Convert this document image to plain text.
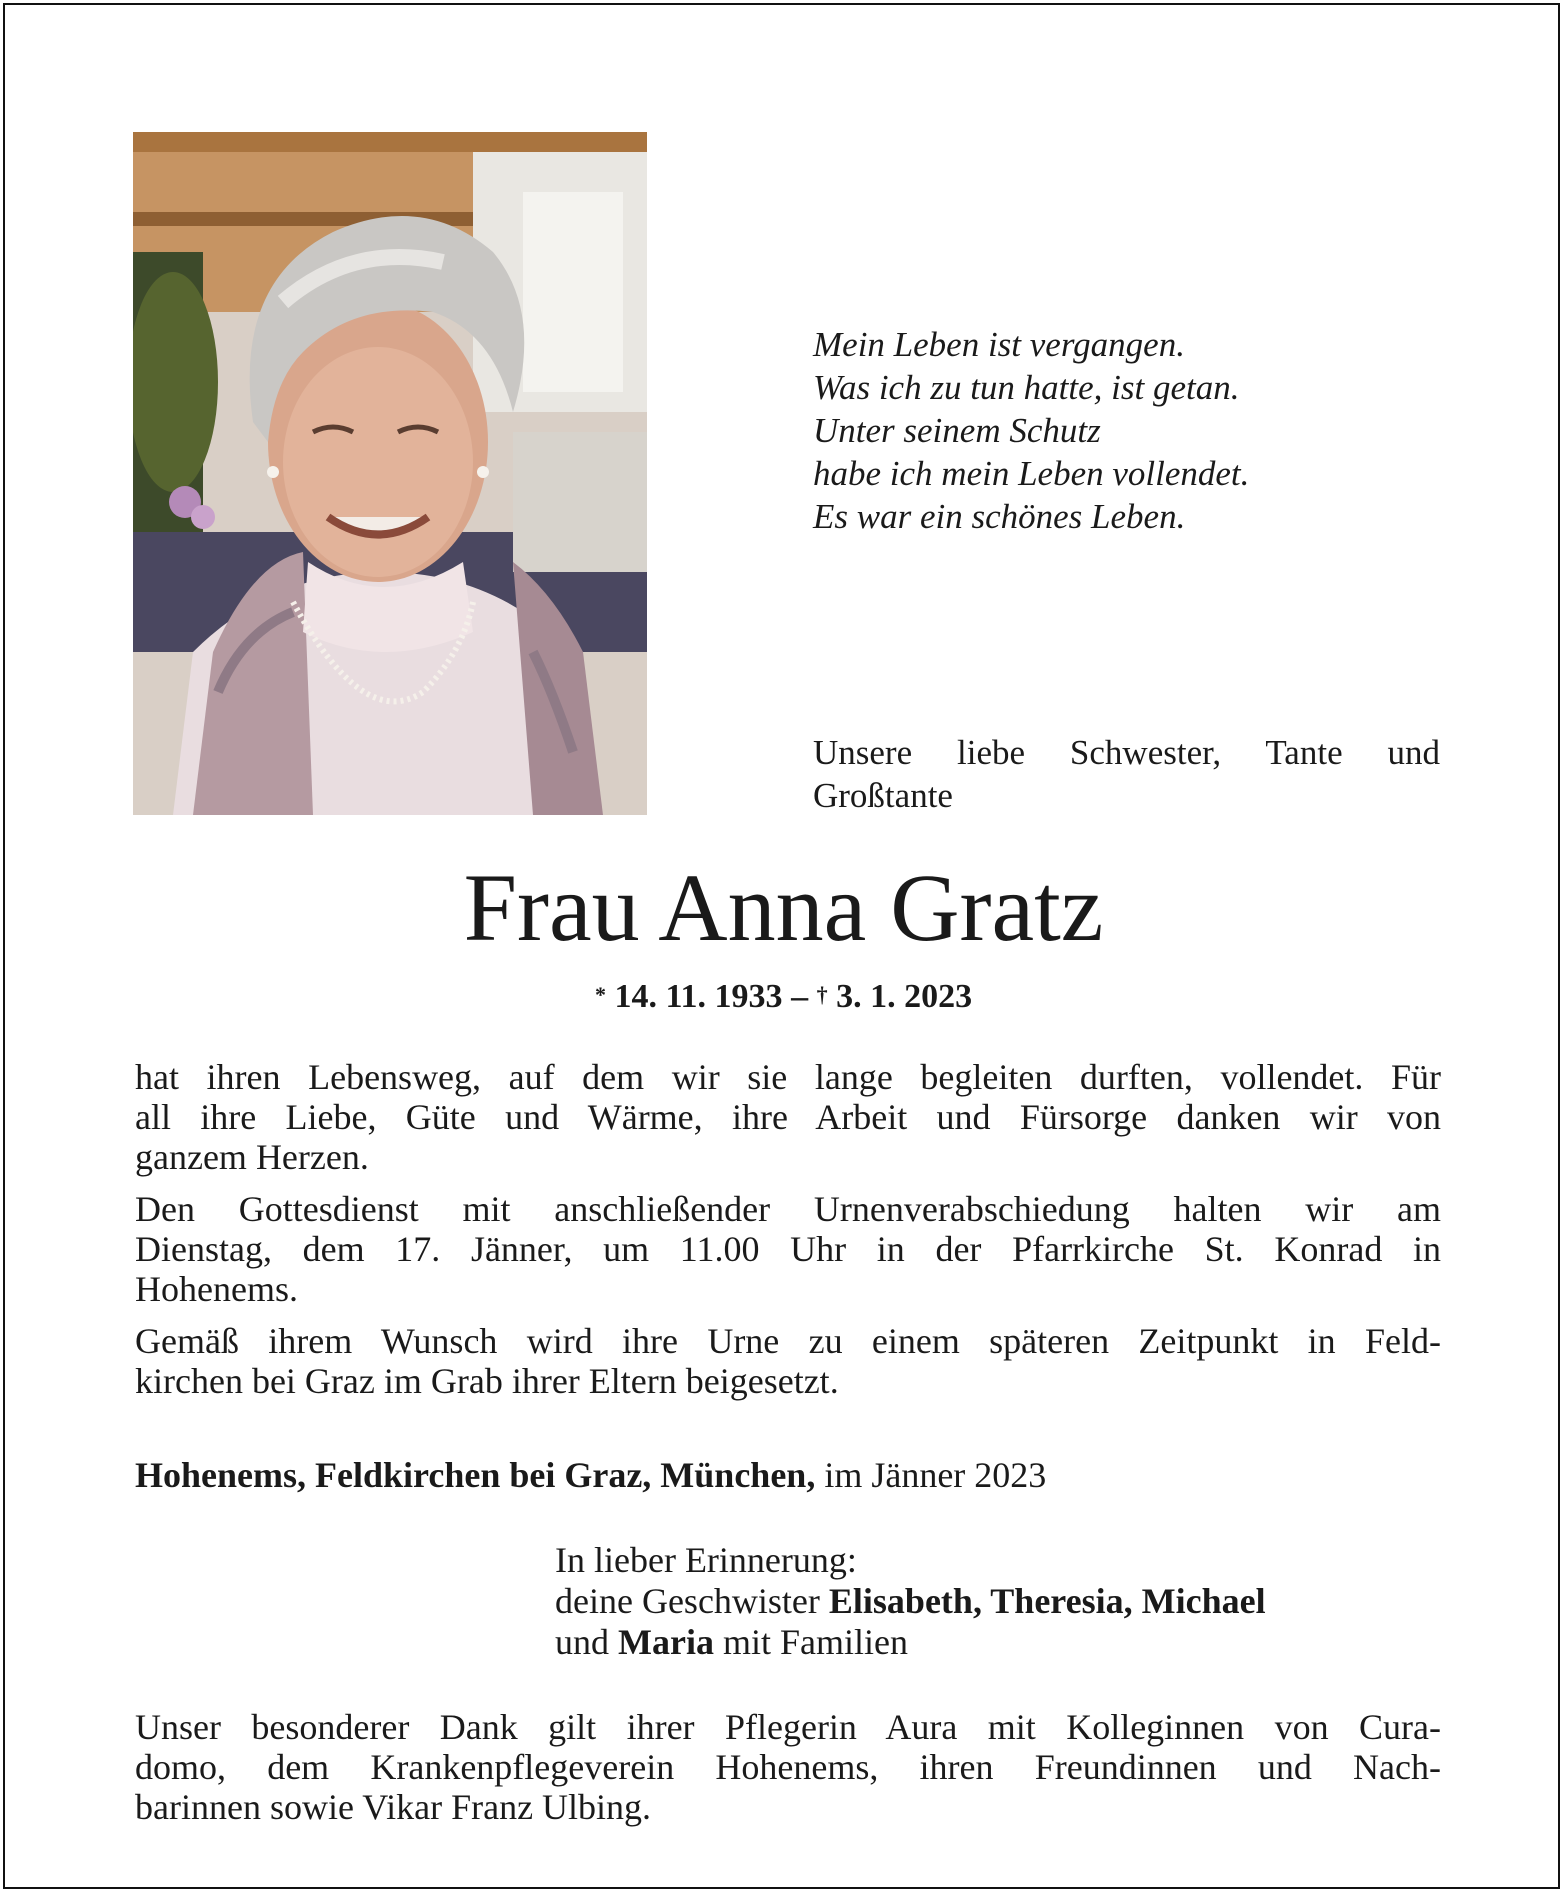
Mein Leben ist vergangen.
Was ich zu tun hatte, ist getan.
Unter seinem Schutz
habe ich mein Leben vollendet.
Es war ein schönes Leben.
Unsere liebe Schwester, Tante und
Großtante
Frau Anna Gratz
* 14. 11. 1933 – † 3. 1. 2023
hat ihren Lebensweg, auf dem wir sie lange begleiten durften, vollendet. Für
all ihre Liebe, Güte und Wärme, ihre Arbeit und Fürsorge danken wir von
ganzem Herzen.
Den Gottesdienst mit anschließender Urnenverabschiedung halten wir am
Dienstag, dem 17. Jänner, um 11.00 Uhr in der Pfarrkirche St. Konrad in
Hohenems.
Gemäß ihrem Wunsch wird ihre Urne zu einem späteren Zeitpunkt in Feld-
kirchen bei Graz im Grab ihrer Eltern beigesetzt.
Hohenems, Feldkirchen bei Graz, München, im Jänner 2023
In lieber Erinnerung:
deine Geschwister Elisabeth, Theresia, Michael
und Maria mit Familien
Unser besonderer Dank gilt ihrer Pflegerin Aura mit Kolleginnen von Cura-
domo, dem Krankenpflegeverein Hohenems, ihren Freundinnen und Nach-
barinnen sowie Vikar Franz Ulbing.
